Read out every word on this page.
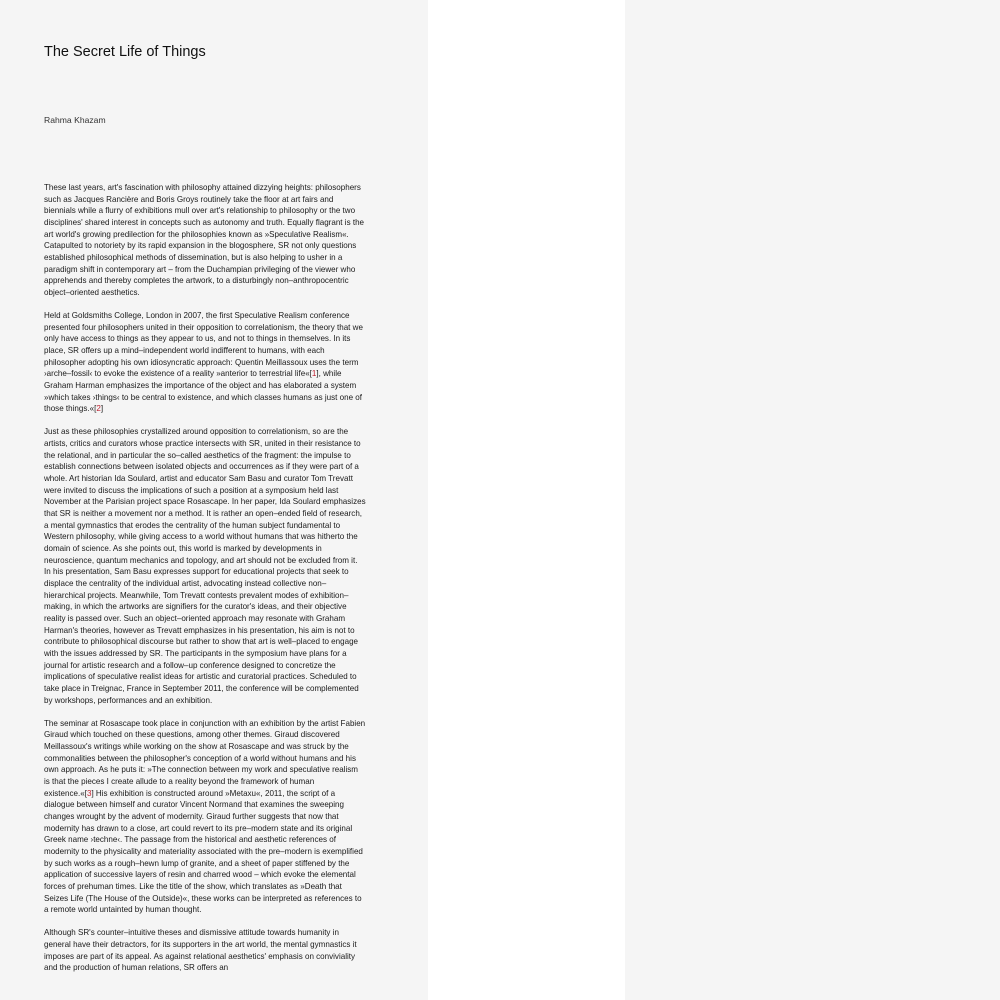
The Secret Life of Things
Rahma Khazam

These last years, art's fascination with philosophy attained dizzying heights: philosophers such as Jacques Rancière and Boris Groys routinely take the floor at art fairs and biennials while a flurry of exhibitions mull over art's relationship to philosophy or the two disciplines' shared interest in concepts such as autonomy and truth. Equally flagrant is the art world's growing predilection for the philosophies known as »Speculative Realism«. Catapulted to notoriety by its rapid expansion in the blogosphere, SR not only questions established philosophical methods of dissemination, but is also helping to usher in a paradigm shift in contemporary art – from the Duchampian privileging of the viewer who apprehends and thereby completes the artwork, to a disturbingly non–anthropocentric object–oriented aesthetics.

Held at Goldsmiths College, London in 2007, the first Speculative Realism conference presented four philosophers united in their opposition to correlationism, the theory that we only have access to things as they appear to us, and not to things in themselves. In its place, SR offers up a mind–independent world indifferent to humans, with each philosopher adopting his own idiosyncratic approach: Quentin Meillassoux uses the term ›arche–fossil‹ to evoke the existence of a reality »anterior to terrestrial life«[1], while Graham Harman emphasizes the importance of the object and has elaborated a system »which takes ›things‹ to be central to existence, and which classes humans as just one of those things.«[2]

Just as these philosophies crystallized around opposition to correlationism, so are the artists, critics and curators whose practice intersects with SR, united in their resistance to the relational, and in particular the so–called aesthetics of the fragment: the impulse to establish connections between isolated objects and occurrences as if they were part of a whole. Art historian Ida Soulard, artist and educator Sam Basu and curator Tom Trevatt were invited to discuss the implications of such a position at a symposium held last November at the Parisian project space Rosascape. In her paper, Ida Soulard emphasizes that SR is neither a movement nor a method. It is rather an open–ended field of research, a mental gymnastics that erodes the centrality of the human subject fundamental to Western philosophy, while giving access to a world without humans that was hitherto the domain of science. As she points out, this world is marked by developments in neuroscience, quantum mechanics and topology, and art should not be excluded from it. In his presentation, Sam Basu expresses support for educational projects that seek to displace the centrality of the individual artist, advocating instead collective non–hierarchical projects. Meanwhile, Tom Trevatt contests prevalent modes of exhibition–making, in which the artworks are signifiers for the curator's ideas, and their objective reality is passed over. Such an object–oriented approach may resonate with Graham Harman's theories, however as Trevatt emphasizes in his presentation, his aim is not to contribute to philosophical discourse but rather to show that art is well–placed to engage with the issues addressed by SR. The participants in the symposium have plans for a journal for artistic research and a follow–up conference designed to concretize the implications of speculative realist ideas for artistic and curatorial practices. Scheduled to take place in Treignac, France in September 2011, the conference will be complemented by workshops, performances and an exhibition.

The seminar at Rosascape took place in conjunction with an exhibition by the artist Fabien Giraud which touched on these questions, among other themes. Giraud discovered Meillassoux's writings while working on the show at Rosascape and was struck by the commonalities between the philosopher's conception of a world without humans and his own approach. As he puts it: »The connection between my work and speculative realism is that the pieces I create allude to a reality beyond the framework of human existence.«[3] His exhibition is constructed around »Metaxu«, 2011, the script of a dialogue between himself and curator Vincent Normand that examines the sweeping changes wrought by the advent of modernity. Giraud further suggests that now that modernity has drawn to a close, art could revert to its pre–modern state and its original Greek name ›techne‹. The passage from the historical and aesthetic references of modernity to the physicality and materiality associated with the pre–modern is exemplified by such works as a rough–hewn lump of granite, and a sheet of paper stiffened by the application of successive layers of resin and charred wood – which evoke the elemental forces of prehuman times. Like the title of the show, which translates as »Death that Seizes Life (The House of the Outside)«, these works can be interpreted as references to a remote world untainted by human thought.

Although SR's counter–intuitive theses and dismissive attitude towards humanity in general have their detractors, for its supporters in the art world, the mental gymnastics it imposes are part of its appeal. As against relational aesthetics' emphasis on conviviality and the production of human relations, SR offers an
